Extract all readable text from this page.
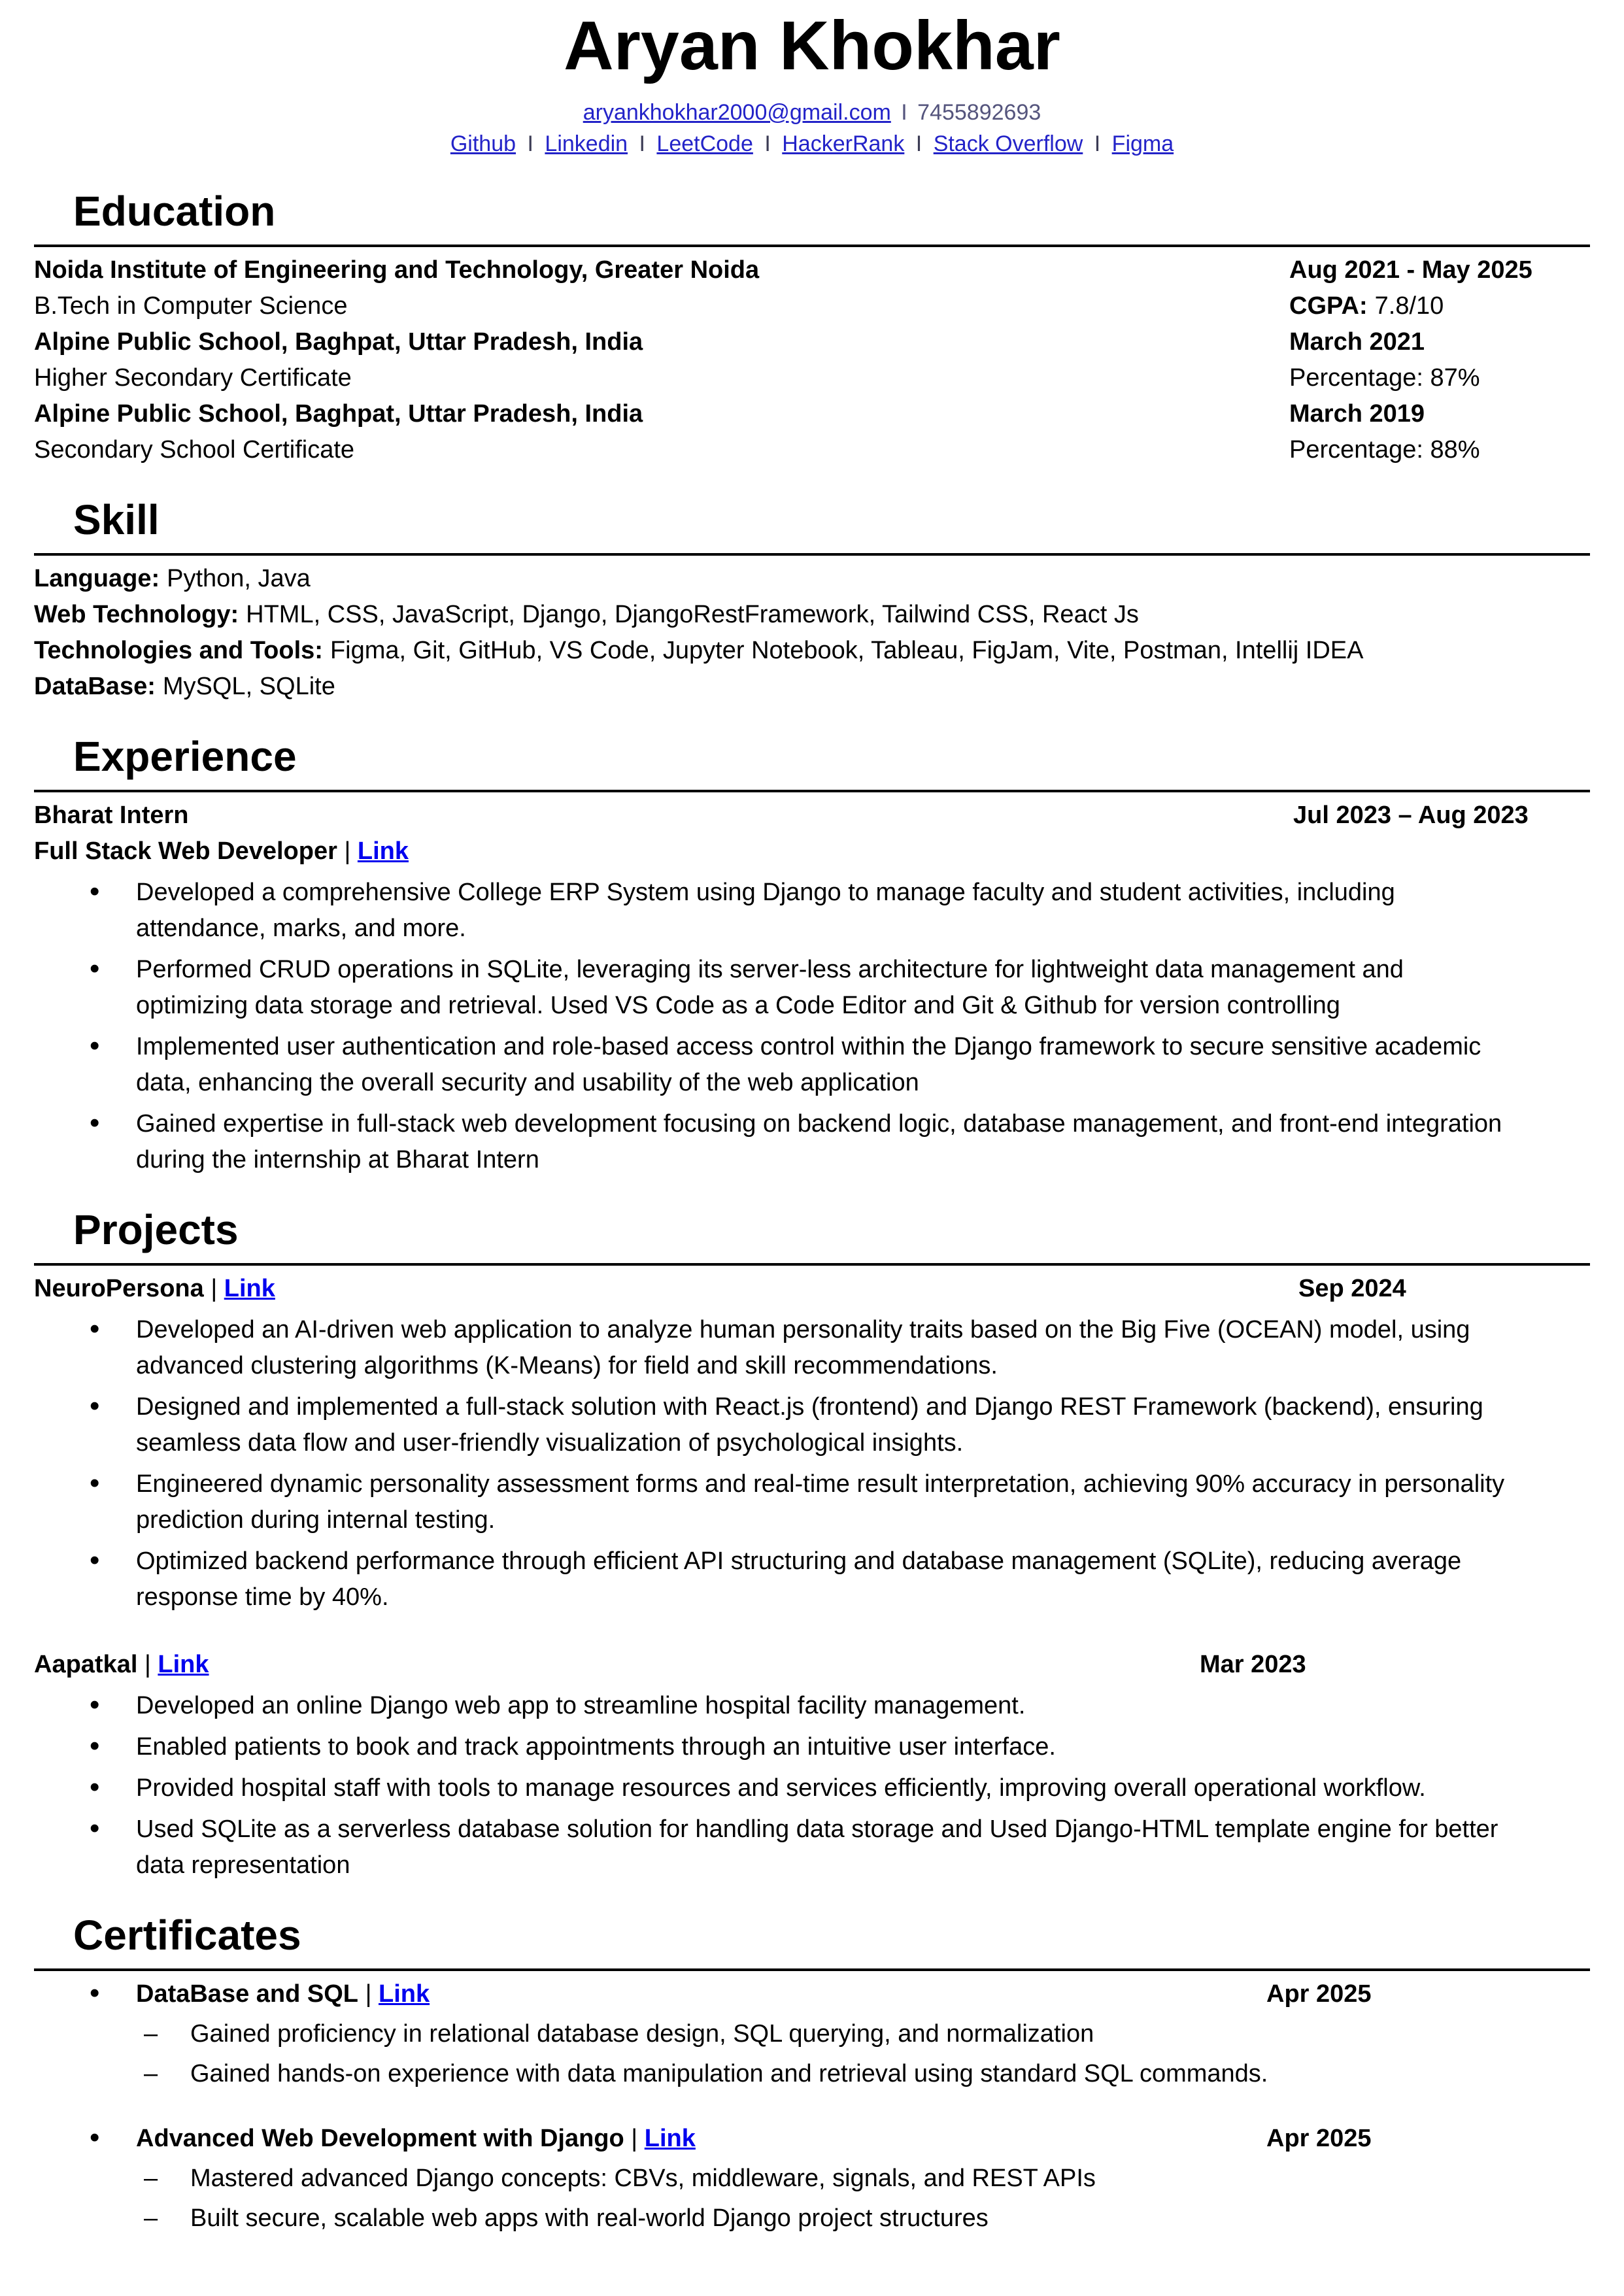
Aryan Khokhar
aryankhokhar2000@gmail.com I 7455892693
Github I Linkedin I LeetCode I HackerRank I Stack Overflow I Figma
Education
Noida Institute of Engineering and Technology, Greater Noida	Aug 2021 - May 2025
B.Tech in Computer Science	CGPA: 7.8/10
Alpine Public School, Baghpat, Uttar Pradesh, India	March 2021
Higher Secondary Certificate	Percentage: 87%
Alpine Public School, Baghpat, Uttar Pradesh, India	March 2019
Secondary School Certificate	Percentage: 88%
Skill
Language: Python, Java
Web Technology: HTML, CSS, JavaScript, Django, DjangoRestFramework, Tailwind CSS, React Js
Technologies and Tools: Figma, Git, GitHub, VS Code, Jupyter Notebook, Tableau, FigJam, Vite, Postman, Intellij IDEA
DataBase: MySQL, SQLite
Experience
Bharat Intern	Jul 2023 – Aug 2023
Full Stack Web Developer | Link
• Developed a comprehensive College ERP System using Django to manage faculty and student activities, including attendance, marks, and more.
• Performed CRUD operations in SQLite, leveraging its server-less architecture for lightweight data management and optimizing data storage and retrieval. Used VS Code as a Code Editor and Git & Github for version controlling
• Implemented user authentication and role-based access control within the Django framework to secure sensitive academic data, enhancing the overall security and usability of the web application
• Gained expertise in full-stack web development focusing on backend logic, database management, and front-end integration during the internship at Bharat Intern
Projects
NeuroPersona | Link	Sep 2024
• Developed an AI-driven web application to analyze human personality traits based on the Big Five (OCEAN) model, using advanced clustering algorithms (K-Means) for field and skill recommendations.
• Designed and implemented a full-stack solution with React.js (frontend) and Django REST Framework (backend), ensuring seamless data flow and user-friendly visualization of psychological insights.
• Engineered dynamic personality assessment forms and real-time result interpretation, achieving 90% accuracy in personality prediction during internal testing.
• Optimized backend performance through efficient API structuring and database management (SQLite), reducing average response time by 40%.
Aapatkal | Link	Mar 2023
• Developed an online Django web app to streamline hospital facility management.
• Enabled patients to book and track appointments through an intuitive user interface.
• Provided hospital staff with tools to manage resources and services efficiently, improving overall operational workflow.
• Used SQLite as a serverless database solution for handling data storage and Used Django-HTML template engine for better data representation
Certificates
• DataBase and SQL | Link	Apr 2025
– Gained proficiency in relational database design, SQL querying, and normalization
– Gained hands-on experience with data manipulation and retrieval using standard SQL commands.
• Advanced Web Development with Django | Link	Apr 2025
– Mastered advanced Django concepts: CBVs, middleware, signals, and REST APIs
– Built secure, scalable web apps with real-world Django project structures
